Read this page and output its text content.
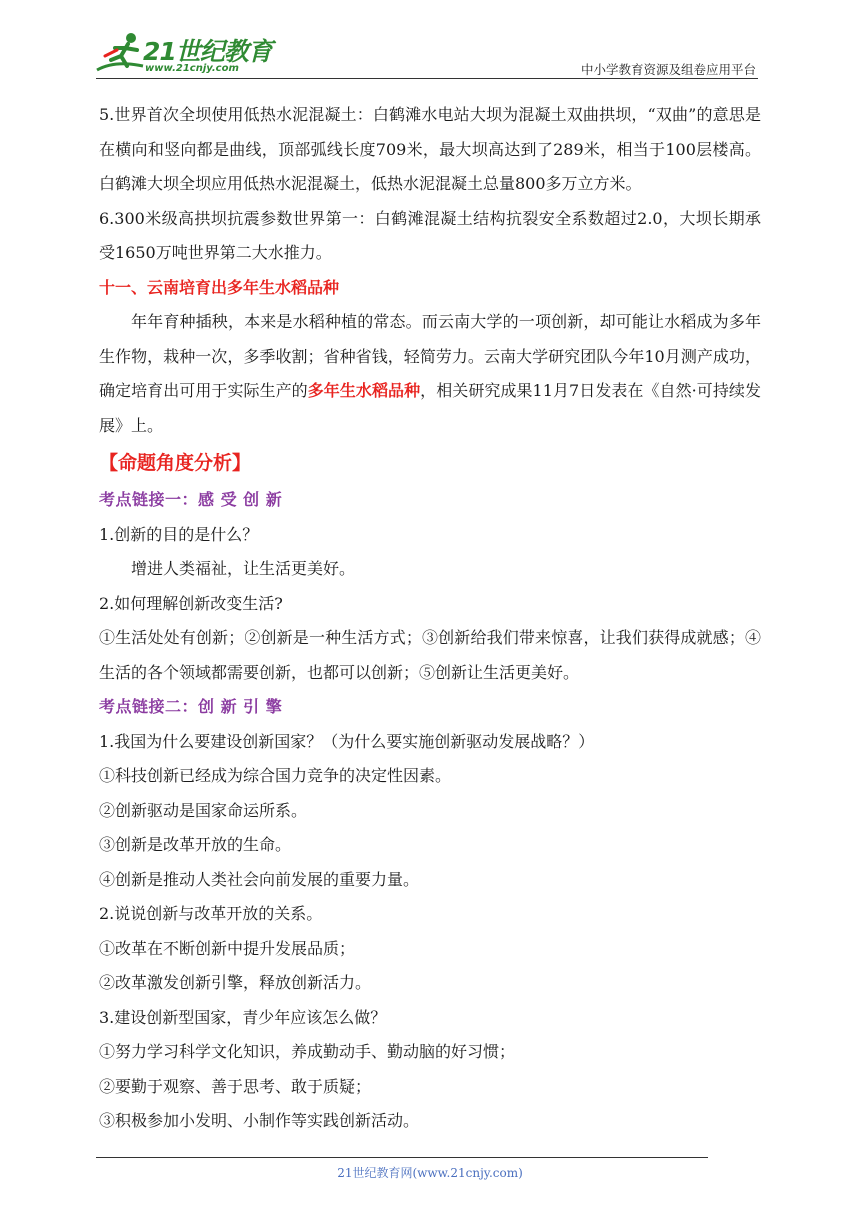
21世纪教育
www.21cnjy.com	中小学教育资源及组卷应用平台

5.世界首次全坝使用低热水泥混凝土：白鹤滩水电站大坝为混凝土双曲拱坝，“双曲”的意思是在横向和竖向都是曲线，顶部弧线长度709米，最大坝高达到了289米，相当于100层楼高。白鹤滩大坝全坝应用低热水泥混凝土，低热水泥混凝土总量800多万立方米。

6.300米级高拱坝抗震参数世界第一：白鹤滩混凝土结构抗裂安全系数超过2.0，大坝长期承受1650万吨世界第二大水推力。

十一、云南培育出多年生水稻品种

年年育种插秧，本来是水稻种植的常态。而云南大学的一项创新，却可能让水稻成为多年生作物，栽种一次，多季收割；省种省钱，轻简劳力。云南大学研究团队今年10月测产成功，确定培育出可用于实际生产的多年生水稻品种，相关研究成果11月7日发表在《自然·可持续发展》上。

【命题角度分析】

考点链接一：感 受 创 新

1.创新的目的是什么？

增进人类福祉，让生活更美好。

2.如何理解创新改变生活?

①生活处处有创新；②创新是一种生活方式；③创新给我们带来惊喜，让我们获得成就感；④生活的各个领域都需要创新，也都可以创新；⑤创新让生活更美好。

考点链接二：创 新 引 擎

1.我国为什么要建设创新国家？（为什么要实施创新驱动发展战略？）

①科技创新已经成为综合国力竞争的决定性因素。

②创新驱动是国家命运所系。

③创新是改革开放的生命。

④创新是推动人类社会向前发展的重要力量。

2.说说创新与改革开放的关系。

①改革在不断创新中提升发展品质；

②改革激发创新引擎，释放创新活力。

3.建设创新型国家，青少年应该怎么做？

①努力学习科学文化知识，养成勤动手、勤动脑的好习惯；

②要勤于观察、善于思考、敢于质疑；

③积极参加小发明、小制作等实践创新活动。

21世纪教育网(www.21cnjy.com)
